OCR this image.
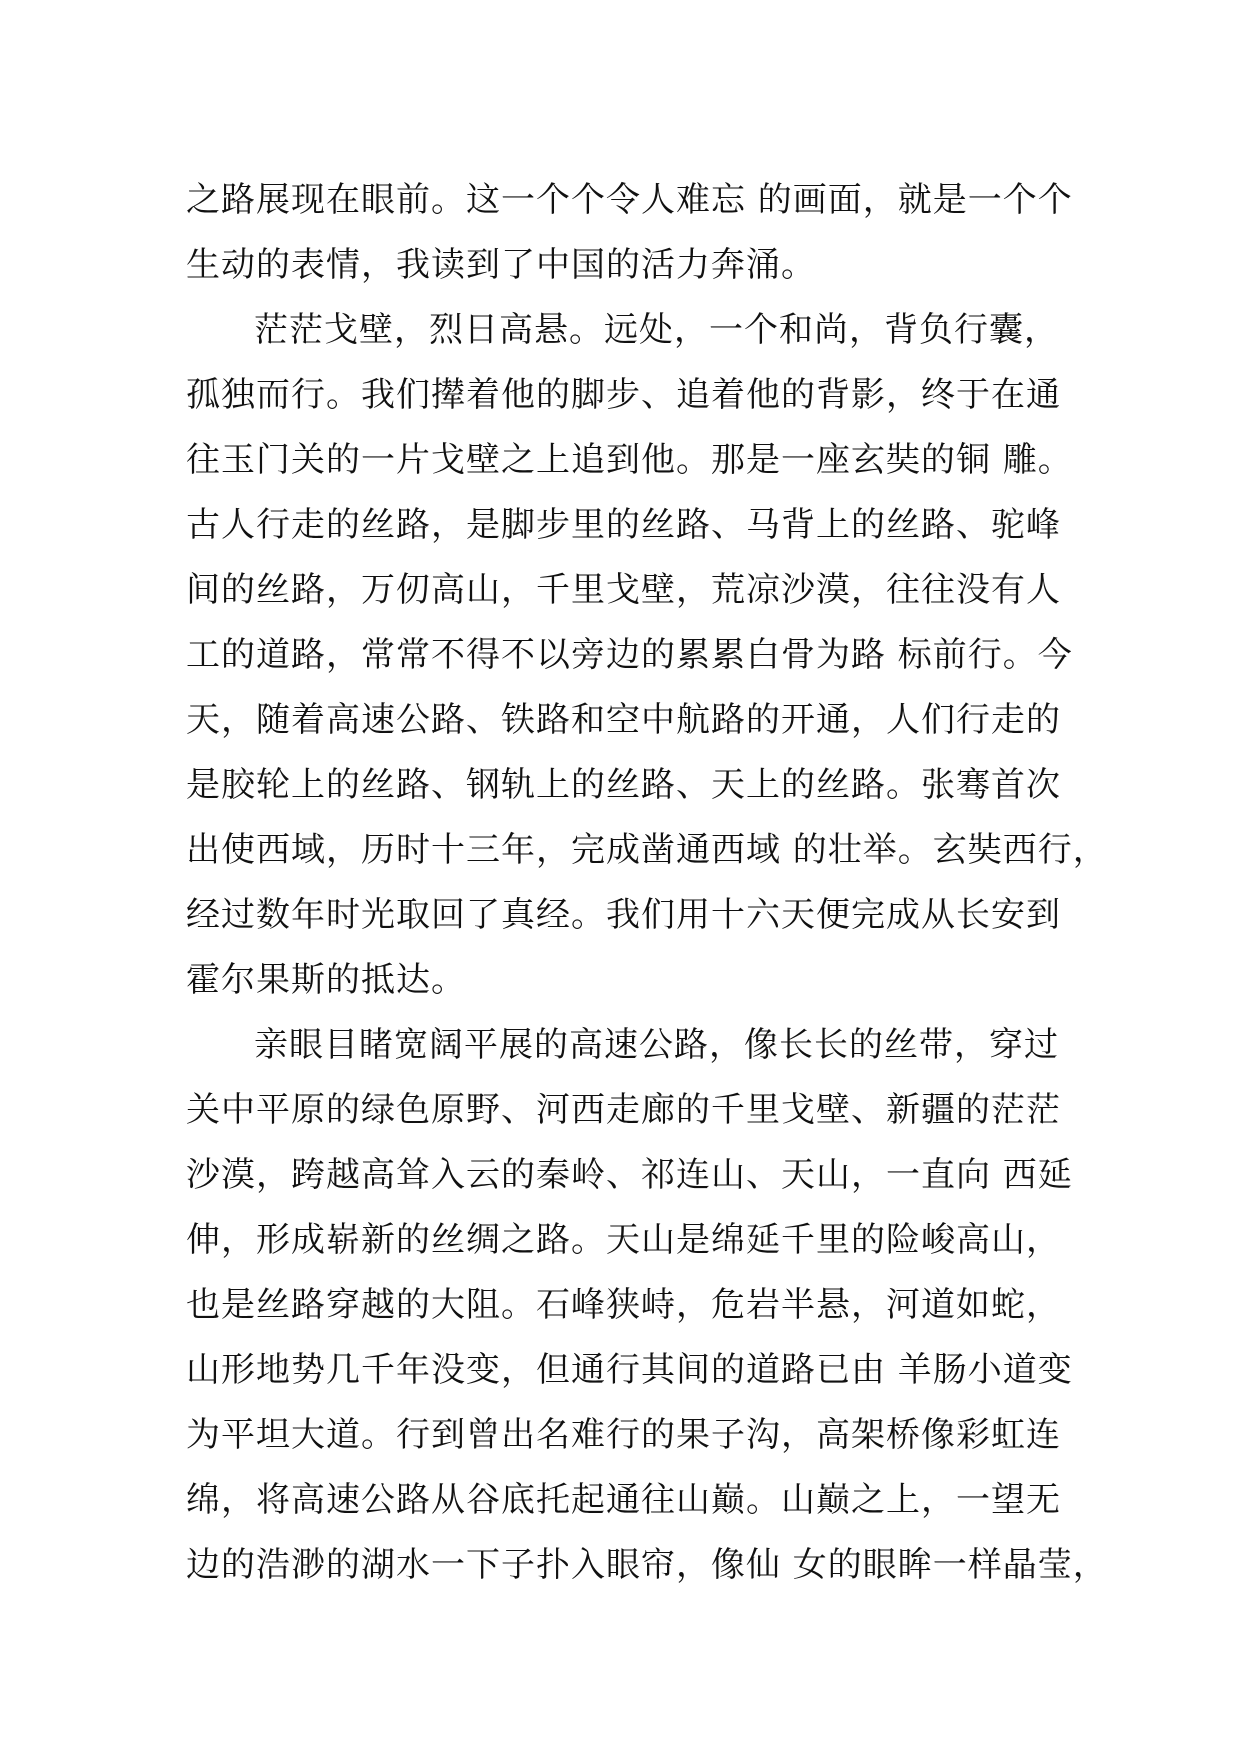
之路展现在眼前。这一个个令人难忘 的画面，就是一个个
生动的表情，我读到了中国的活力奔涌。
茫茫戈壁，烈日高悬。远处，一个和尚，背负行囊，
孤独而行。我们撵着他的脚步、追着他的背影，终于在通
往玉门关的一片戈壁之上追到他。那是一座玄奘的铜 雕。
古人行走的丝路，是脚步里的丝路、马背上的丝路、驼峰
间的丝路，万仞高山，千里戈壁，荒凉沙漠，往往没有人
工的道路，常常不得不以旁边的累累白骨为路 标前行。今
天，随着高速公路、铁路和空中航路的开通，人们行走的
是胶轮上的丝路、钢轨上的丝路、天上的丝路。张骞首次
出使西域，历时十三年，完成凿通西域 的壮举。玄奘西行，
经过数年时光取回了真经。我们用十六天便完成从长安到
霍尔果斯的抵达。
亲眼目睹宽阔平展的高速公路，像长长的丝带，穿过
关中平原的绿色原野、河西走廊的千里戈壁、新疆的茫茫
沙漠，跨越高耸入云的秦岭、祁连山、天山，一直向 西延
伸，形成崭新的丝绸之路。天山是绵延千里的险峻高山，
也是丝路穿越的大阻。石峰狭峙，危岩半悬，河道如蛇，
山形地势几千年没变，但通行其间的道路已由 羊肠小道变
为平坦大道。行到曾出名难行的果子沟，高架桥像彩虹连
绵，将高速公路从谷底托起通往山巅。山巅之上，一望无
边的浩渺的湖水一下子扑入眼帘，像仙 女的眼眸一样晶莹，
